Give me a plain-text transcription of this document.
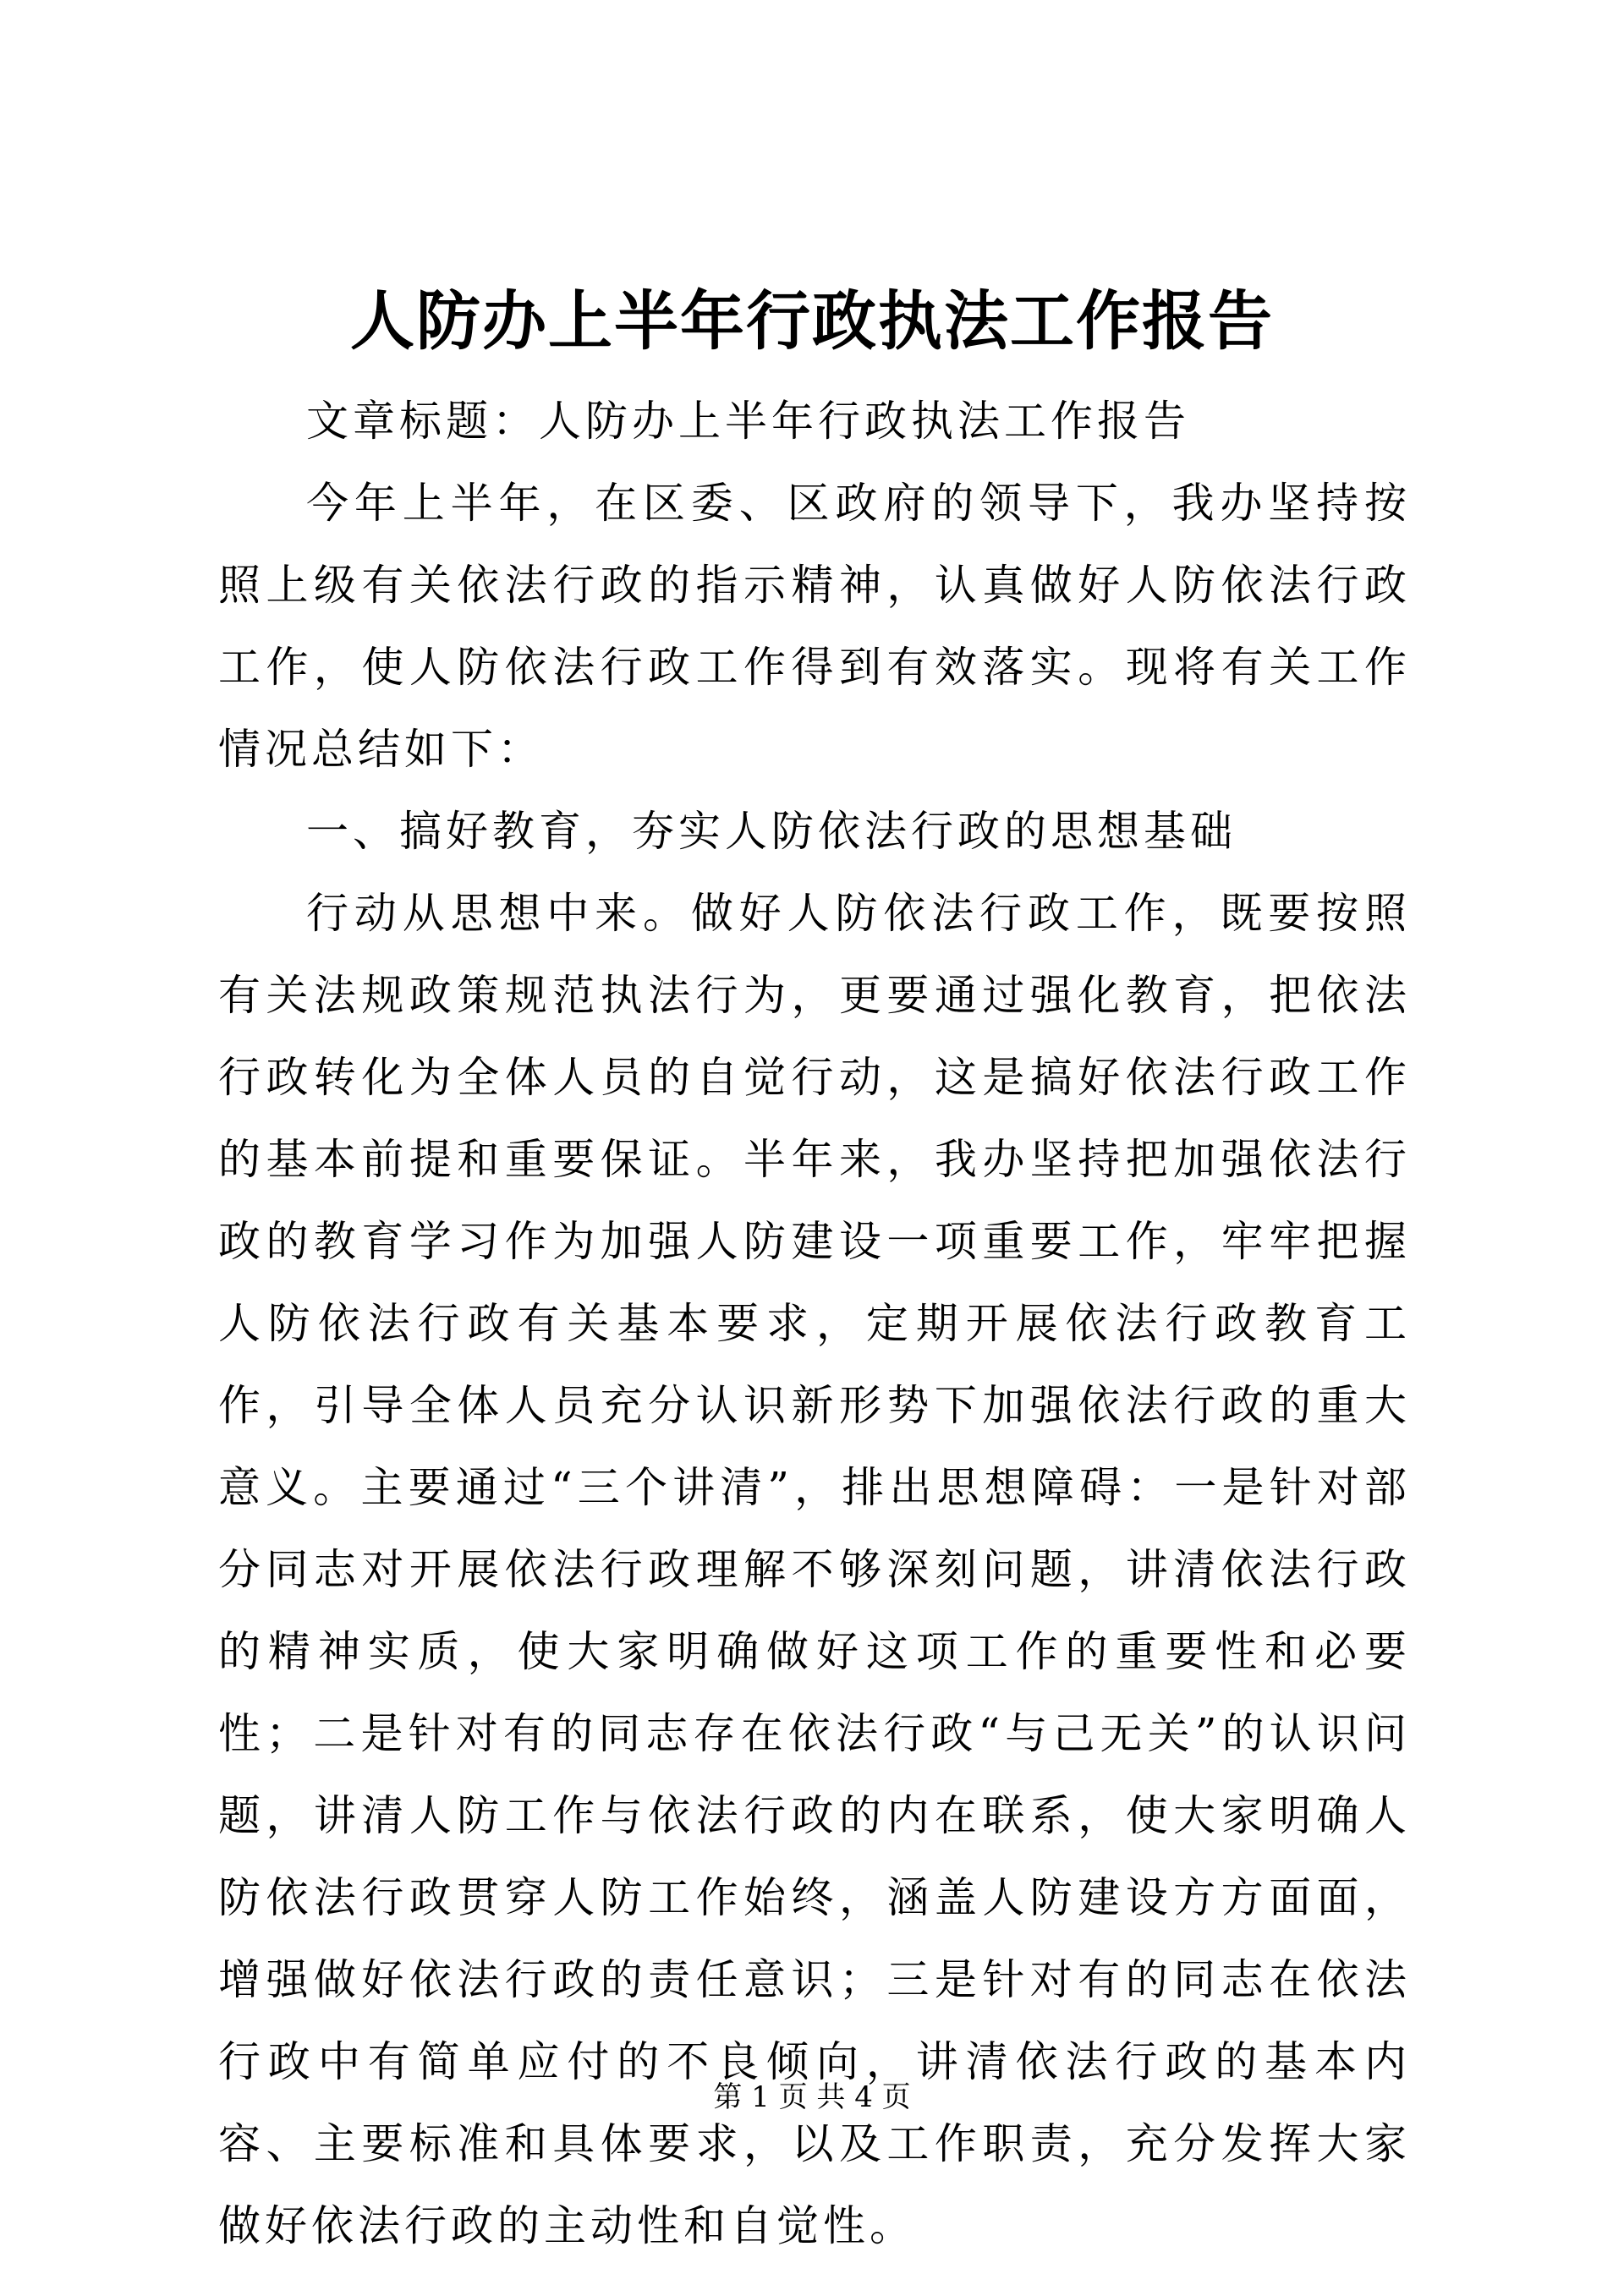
人防办上半年行政执法工作报告

文章标题：人防办上半年行政执法工作报告

今年上半年，在区委、区政府的领导下，我办坚持按照上级有关依法行政的指示精神，认真做好人防依法行政工作，使人防依法行政工作得到有效落实。现将有关工作情况总结如下：

一、搞好教育，夯实人防依法行政的思想基础

行动从思想中来。做好人防依法行政工作，既要按照有关法规政策规范执法行为，更要通过强化教育，把依法行政转化为全体人员的自觉行动，这是搞好依法行政工作的基本前提和重要保证。半年来，我办坚持把加强依法行政的教育学习作为加强人防建设一项重要工作，牢牢把握人防依法行政有关基本要求，定期开展依法行政教育工作，引导全体人员充分认识新形势下加强依法行政的重大意义。主要通过“三个讲清”，排出思想障碍：一是针对部分同志对开展依法行政理解不够深刻问题，讲清依法行政的精神实质，使大家明确做好这项工作的重要性和必要性；二是针对有的同志存在依法行政“与己无关”的认识问题，讲清人防工作与依法行政的内在联系，使大家明确人防依法行政贯穿人防工作始终，涵盖人防建设方方面面，增强做好依法行政的责任意识；三是针对有的同志在依法行政中有简单应付的不良倾向，讲清依法行政的基本内容、主要标准和具体要求，以及工作职责，充分发挥大家做好依法行政的主动性和自觉性。

第 1 页 共 4 页
